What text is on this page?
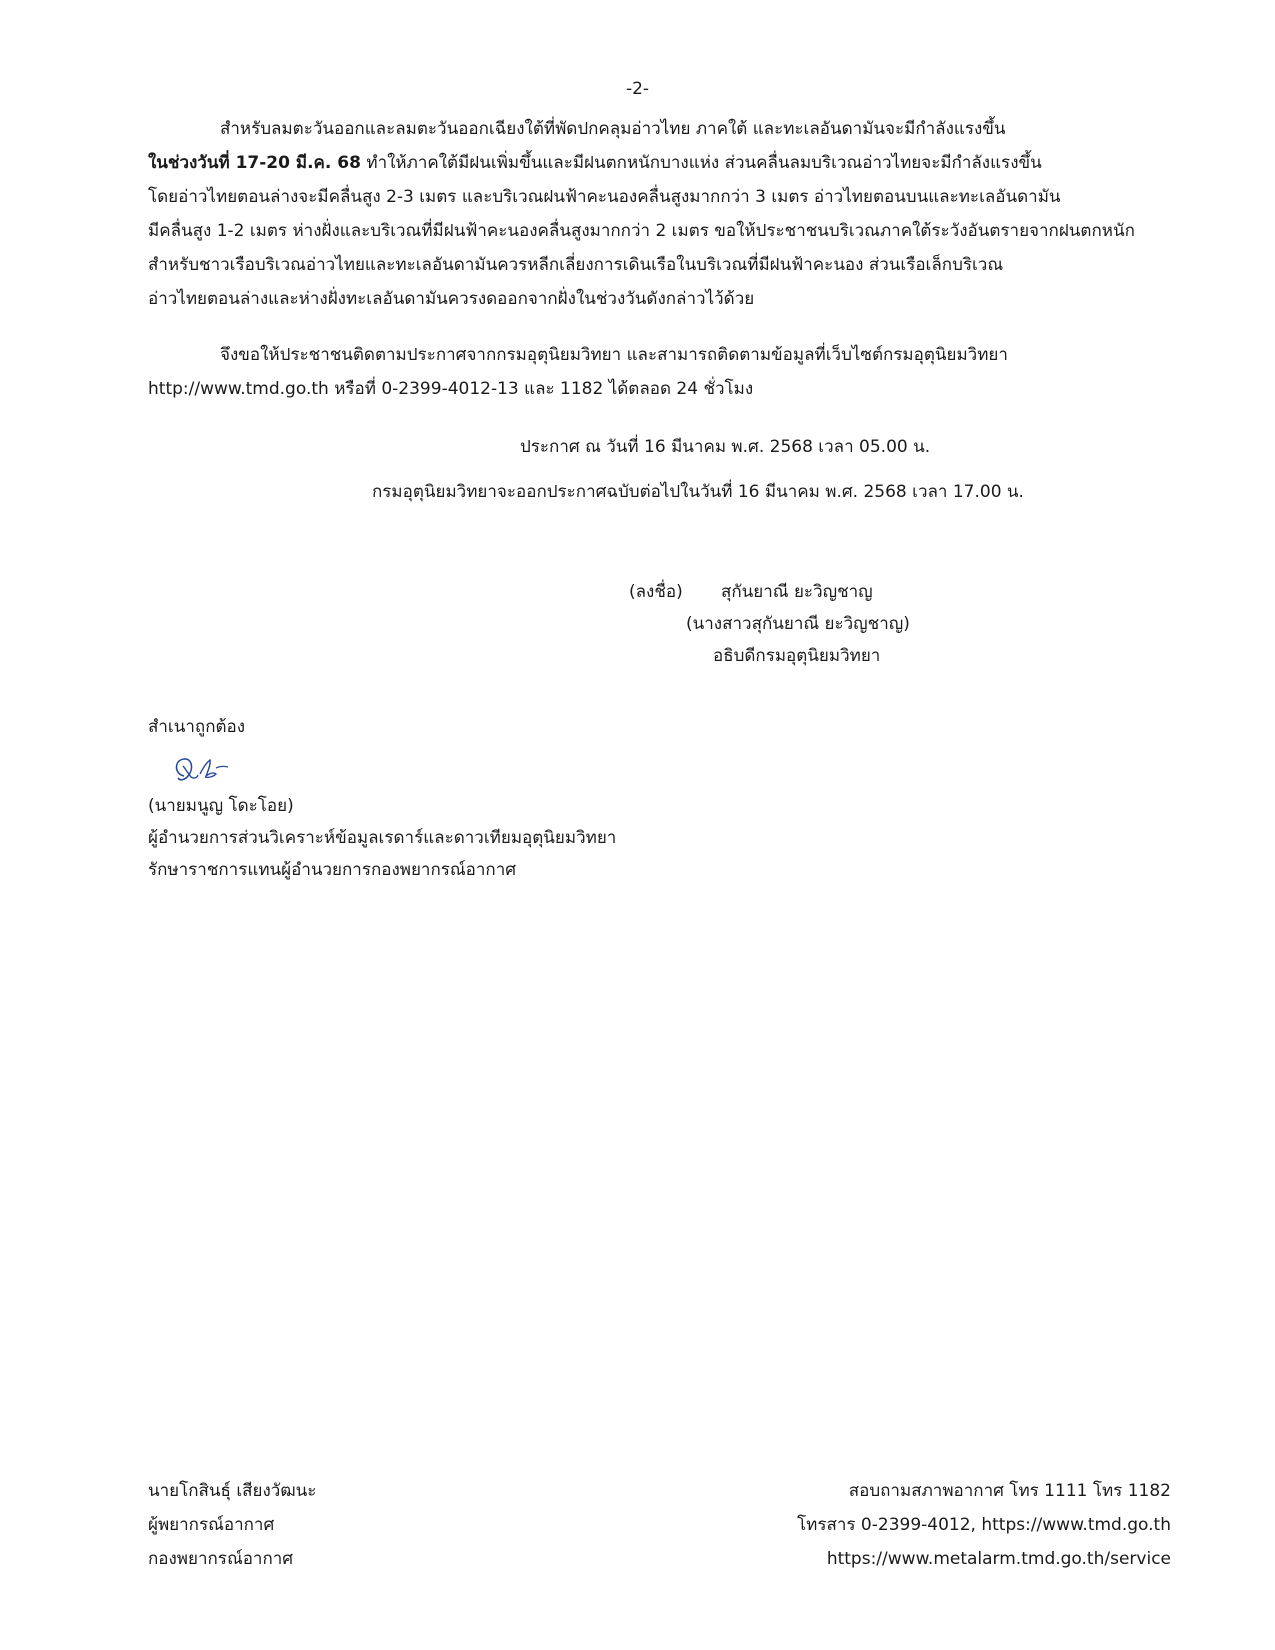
-2-
สำหรับลมตะวันออกและลมตะวันออกเฉียงใต้ที่พัดปกคลุมอ่าวไทย ภาคใต้ และทะเลอันดามันจะมีกำลังแรงขึ้น
ในช่วงวันที่ 17-20 มี.ค. 68 ทำให้ภาคใต้มีฝนเพิ่มขึ้นและมีฝนตกหนักบางแห่ง ส่วนคลื่นลมบริเวณอ่าวไทยจะมีกำลังแรงขึ้น
โดยอ่าวไทยตอนล่างจะมีคลื่นสูง 2-3 เมตร และบริเวณฝนฟ้าคะนองคลื่นสูงมากกว่า 3 เมตร อ่าวไทยตอนบนและทะเลอันดามัน
มีคลื่นสูง 1-2 เมตร ห่างฝั่งและบริเวณที่มีฝนฟ้าคะนองคลื่นสูงมากกว่า 2 เมตร ขอให้ประชาชนบริเวณภาคใต้ระวังอันตรายจากฝนตกหนัก
สำหรับชาวเรือบริเวณอ่าวไทยและทะเลอันดามันควรหลีกเลี่ยงการเดินเรือในบริเวณที่มีฝนฟ้าคะนอง ส่วนเรือเล็กบริเวณ
อ่าวไทยตอนล่างและห่างฝั่งทะเลอันดามันควรงดออกจากฝั่งในช่วงวันดังกล่าวไว้ด้วย
จึงขอให้ประชาชนติดตามประกาศจากกรมอุตุนิยมวิทยา และสามารถติดตามข้อมูลที่เว็บไซต์กรมอุตุนิยมวิทยา
http://www.tmd.go.th หรือที่ 0-2399-4012-13 และ 1182 ได้ตลอด 24 ชั่วโมง
ประกาศ ณ วันที่ 16 มีนาคม พ.ศ. 2568 เวลา 05.00 น.
กรมอุตุนิยมวิทยาจะออกประกาศฉบับต่อไปในวันที่ 16 มีนาคม พ.ศ. 2568 เวลา 17.00 น.
(ลงชื่อ) สุกันยาณี ยะวิญชาญ
(นางสาวสุกันยาณี ยะวิญชาญ)
อธิบดีกรมอุตุนิยมวิทยา
สำเนาถูกต้อง
(นายมนูญ โดะโอย)
ผู้อำนวยการส่วนวิเคราะห์ข้อมูลเรดาร์และดาวเทียมอุตุนิยมวิทยา
รักษาราชการแทนผู้อำนวยการกองพยากรณ์อากาศ
นายโกสินธุ์ เสียงวัฒนะ
ผู้พยากรณ์อากาศ
กองพยากรณ์อากาศ
สอบถามสภาพอากาศ โทร 1111 โทร 1182
โทรสาร 0-2399-4012, https://www.tmd.go.th
https://www.metalarm.tmd.go.th/service
